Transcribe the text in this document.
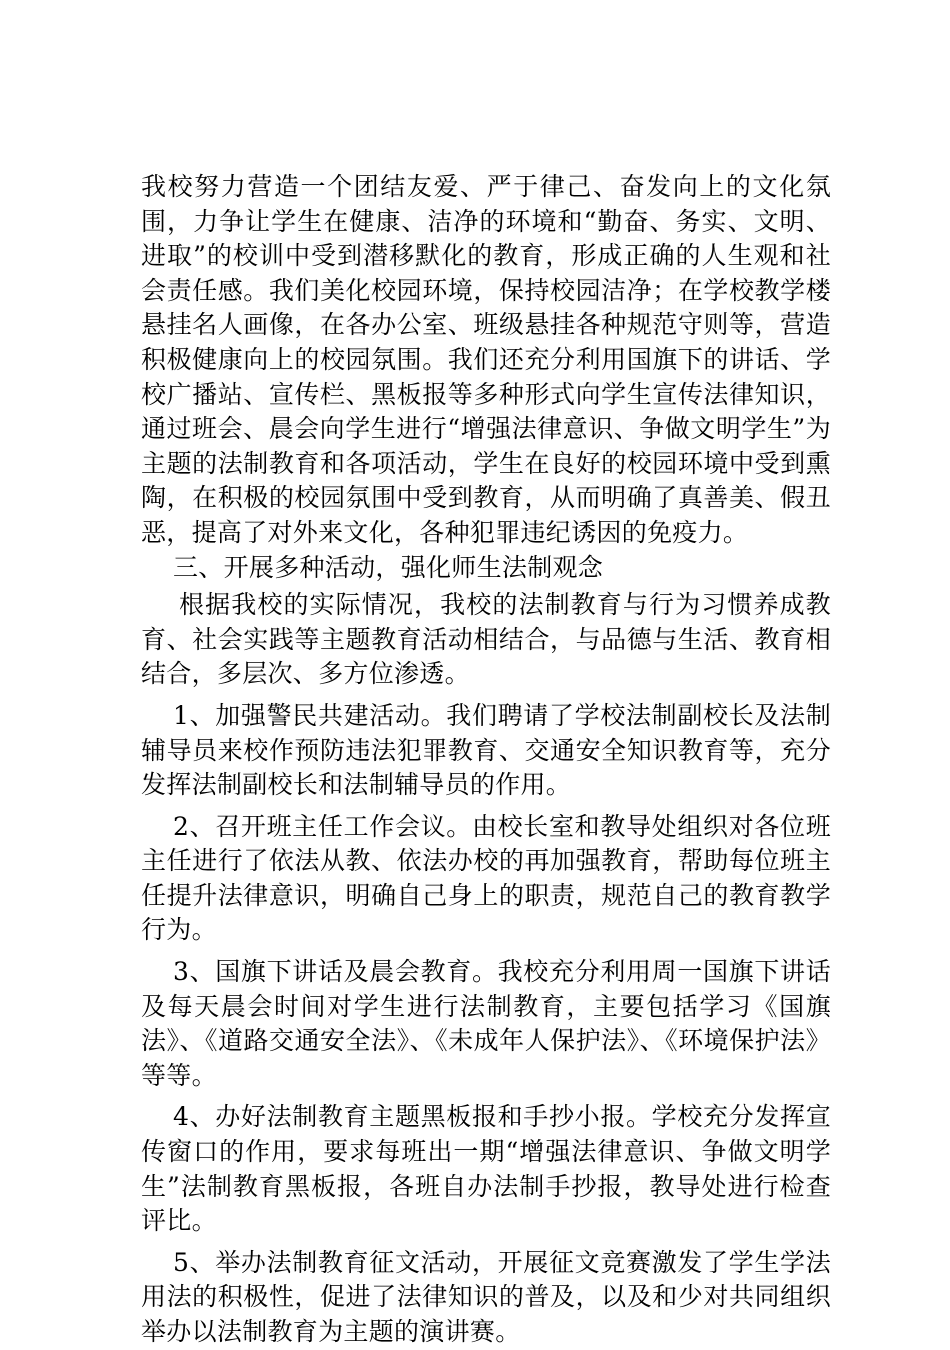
我校努力营造一个团结友爱、严于律己、奋发向上的文化氛围，力争让学生在健康、洁净的环境和“勤奋、务实、文明、进取”的校训中受到潜移默化的教育，形成正确的人生观和社会责任感。我们美化校园环境，保持校园洁净；在学校教学楼悬挂名人画像，在各办公室、班级悬挂各种规范守则等，营造积极健康向上的校园氛围。我们还充分利用国旗下的讲话、学校广播站、宣传栏、黑板报等多种形式向学生宣传法律知识，通过班会、晨会向学生进行“增强法律意识、争做文明学生”为主题的法制教育和各项活动，学生在良好的校园环境中受到熏陶，在积极的校园氛围中受到教育，从而明确了真善美、假丑恶，提高了对外来文化，各种犯罪违纪诱因的免疫力。

三、开展多种活动，强化师生法制观念

根据我校的实际情况，我校的法制教育与行为习惯养成教育、社会实践等主题教育活动相结合，与品德与生活、教育相结合，多层次、多方位渗透。

1、加强警民共建活动。我们聘请了学校法制副校长及法制辅导员来校作预防违法犯罪教育、交通安全知识教育等，充分发挥法制副校长和法制辅导员的作用。

2、召开班主任工作会议。由校长室和教导处组织对各位班主任进行了依法从教、依法办校的再加强教育，帮助每位班主任提升法律意识，明确自己身上的职责，规范自己的教育教学行为。

3、国旗下讲话及晨会教育。我校充分利用周一国旗下讲话及每天晨会时间对学生进行法制教育，主要包括学习《国旗法》、《道路交通安全法》、《未成年人保护法》、《环境保护法》等等。

4、办好法制教育主题黑板报和手抄小报。学校充分发挥宣传窗口的作用，要求每班出一期“增强法律意识、争做文明学生”法制教育黑板报，各班自办法制手抄报，教导处进行检查评比。

5、举办法制教育征文活动，开展征文竞赛激发了学生学法用法的积极性，促进了法律知识的普及，以及和少对共同组织举办以法制教育为主题的演讲赛。
